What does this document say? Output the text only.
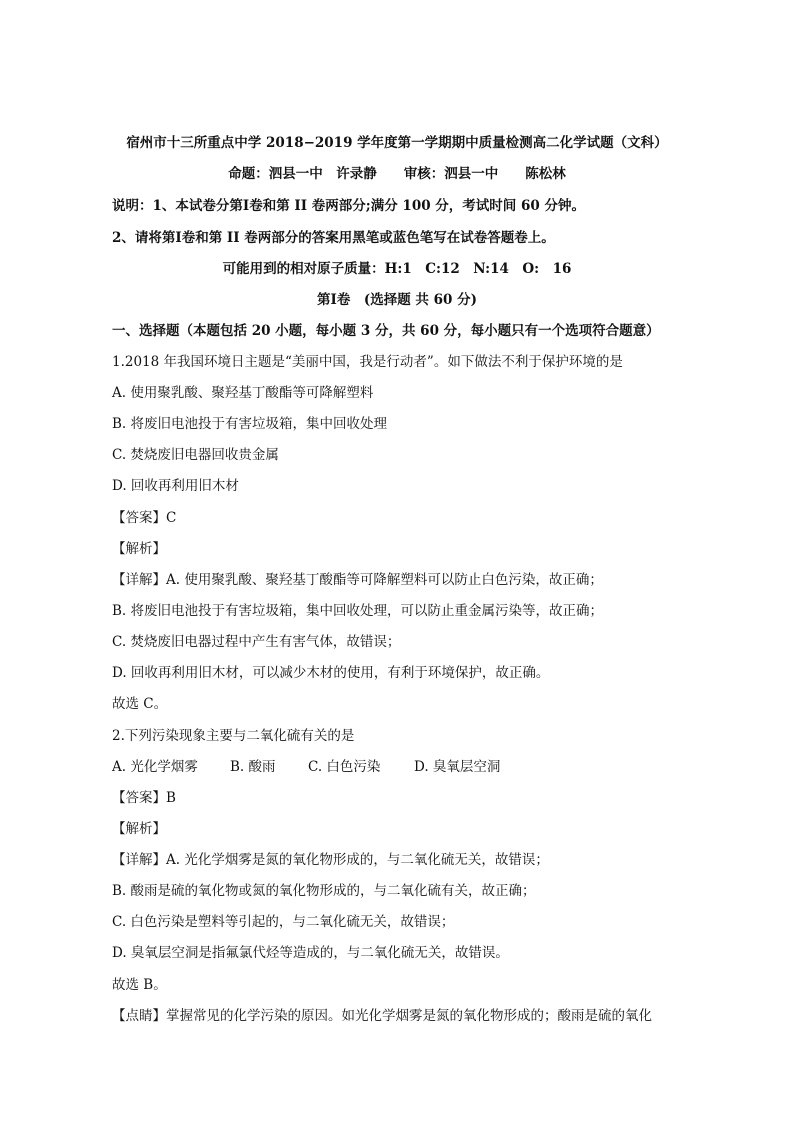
宿州市十三所重点中学 2018−2019 学年度第一学期期中质量检测高二化学试题（文科）
命题：泗县一中　许录静　　审核：泗县一中　　陈松林
说明：1、本试卷分第Ⅰ卷和第 II 卷两部分;满分 100 分，考试时间 60 分钟。
2、请将第Ⅰ卷和第 II 卷两部分的答案用黑笔或蓝色笔写在试卷答题卷上。
可能用到的相对原子质量：H:1　C:12　N:14　O:　16
第Ⅰ卷　(选择题 共 60 分)
一、选择题（本题包括 20 小题，每小题 3 分，共 60 分，每小题只有一个选项符合题意）
1.2018 年我国环境日主题是“美丽中国，我是行动者”。如下做法不利于保护环境的是
A. 使用聚乳酸、聚羟基丁酸酯等可降解塑料
B. 将废旧电池投于有害垃圾箱，集中回收处理
C. 焚烧废旧电器回收贵金属
D. 回收再利用旧木材
【答案】C
【解析】
【详解】A. 使用聚乳酸、聚羟基丁酸酯等可降解塑料可以防止白色污染，故正确；
B. 将废旧电池投于有害垃圾箱，集中回收处理，可以防止重金属污染等，故正确；
C. 焚烧废旧电器过程中产生有害气体，故错误；
D. 回收再利用旧木材，可以减少木材的使用，有利于环境保护，故正确。
故选 C。
2.下列污染现象主要与二氧化硫有关的是
A. 光化学烟雾 B. 酸雨 C. 白色污染 D. 臭氧层空洞
【答案】B
【解析】
【详解】A. 光化学烟雾是氮的氧化物形成的，与二氧化硫无关，故错误；
B. 酸雨是硫的氧化物或氮的氧化物形成的，与二氧化硫有关，故正确；
C. 白色污染是塑料等引起的，与二氧化硫无关，故错误；
D. 臭氧层空洞是指氟氯代烃等造成的，与二氧化硫无关，故错误。
故选 B。
【点睛】掌握常见的化学污染的原因。如光化学烟雾是氮的氧化物形成的；酸雨是硫的氧化
